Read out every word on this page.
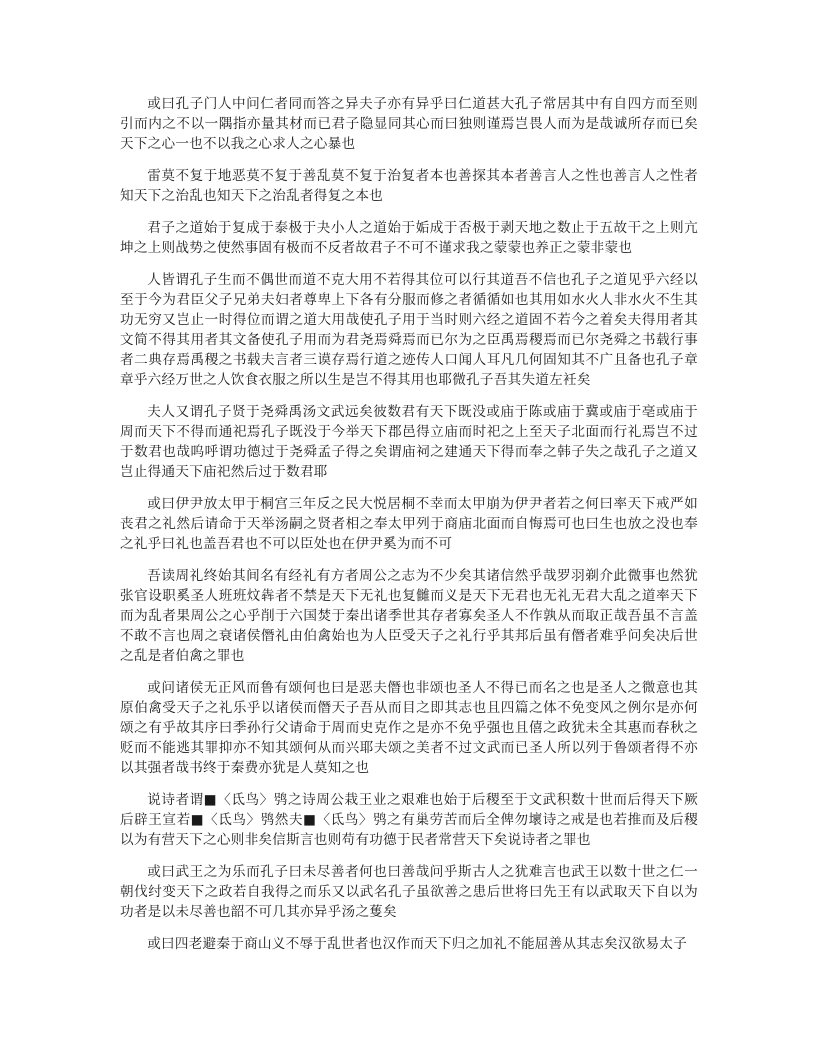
或曰孔子门人中问仁者同而答之异夫子亦有异乎曰仁道甚大孔子常居其中有自四方而至则引而内之不以一隅指亦量其材而已君子隐显同其心而曰独则谨焉岂畏人而为是哉诚所存而已矣天下之心一也不以我之心求人之心暴也

雷莫不复于地恶莫不复于善乱莫不复于治复者本也善探其本者善言人之性也善言人之性者知天下之治乱也知天下之治乱者得复之本也

君子之道始于复成于泰极于夬小人之道始于姤成于否极于剥天地之数止于五故干之上则亢坤之上则战势之使然事固有极而不反者故君子不可不谨求我之蒙蒙也养正之蒙非蒙也

人皆谓孔子生而不偶世而道不克大用不若得其位可以行其道吾不信也孔子之道见乎六经以至于今为君臣父子兄弟夫妇者尊卑上下各有分服而修之者循循如也其用如水火人非水火不生其功无穷又岂止一时得位而谓之道大用哉使孔子用于当时则六经之道固不若今之着矣夫得用者其文简不得其用者其文备使孔子用而为君尧焉舜焉而已尔为之臣禹焉稷焉而已尔尧舜之书载行事者二典存焉禹稷之书载夫言者三谟存焉行道之迹传人口闻人耳凡几何固知其不广且备也孔子章章乎六经万世之人饮食衣服之所以生是岂不得其用也耶微孔子吾其失道左衽矣

夫人又谓孔子贤于尧舜禹汤文武远矣彼数君有天下既没或庙于陈或庙于冀或庙于亳或庙于周而天下不得而通祀焉孔子既没于今举天下郡邑得立庙而时祀之上至天子北面而行礼焉岂不过于数君也哉呜呼谓功德过于尧舜孟子得之矣谓庙祠之建通天下得而奉之韩子失之哉孔子之道又岂止得通天下庙祀然后过于数君耶

或曰伊尹放太甲于桐宫三年反之民大悦居桐不幸而太甲崩为伊尹者若之何曰率天下戒严如丧君之礼然后请命于天举汤嗣之贤者相之奉太甲列于商庙北面而自悔焉可也曰生也放之没也奉之礼乎曰礼也盖吾君也不可以臣处也在伊尹奚为而不可

吾读周礼终始其间名有经礼有方者周公之志为不少矣其诸信然乎哉罗羽剃介此微事也然犹张官设职奚圣人班班炆犇者不禁是天下无礼也复雠而义是天下无君也无礼无君大乱之道率天下而为乱者果周公之心乎削于六国焚于秦出诸季世其存者寡矣圣人不作孰从而取正哉吾虽不言盖不敢不言也周之衰诸侯僭礼由伯禽始也为人臣受天子之礼行乎其邦后虽有僭者难乎问矣决后世之乱是者伯禽之罪也

或问诸侯无正风而鲁有颂何也曰是恶夫僭也非颂也圣人不得已而名之也是圣人之微意也其原伯禽受天子之礼乐乎以诸侯而僭天子吾从而目之即其志也且四篇之体不免变风之例尔是亦何颂之有乎故其序曰季孙行父请命于周而史克作之是亦不免乎强也且僖之政犹未全其惠而春秋之贬而不能逃其罪抑亦不知其颂何从而兴耶夫颂之美者不过文武而已圣人所以列于鲁颂者得不亦以其强者哉书终于秦费亦犹是人莫知之也

说诗者谓■〈氐鸟〉鸮之诗周公栽王业之艰难也始于后稷至于文武积数十世而后得天下厥后辟王宣若■〈氐鸟〉鸮然夫■〈氐鸟〉鸮之有巢劳苦而后全俾勿壞诗之戒是也若推而及后稷以为有营天下之心则非矣信斯言也则苟有功德于民者常营天下矣说诗者之罪也

或曰武王之为乐而孔子曰未尽善者何也曰善哉问乎斯古人之犹难言也武王以数十世之仁一朝伐纣变天下之政若自我得之而乐又以武名孔子虽欲善之患后世将曰先王有以武取天下自以为功者是以未尽善也韶不可几其亦异乎汤之蒦矣

或曰四老避秦于商山义不辱于乱世者也汉作而天下归之加礼不能屈善从其志矣汉欲易太子
